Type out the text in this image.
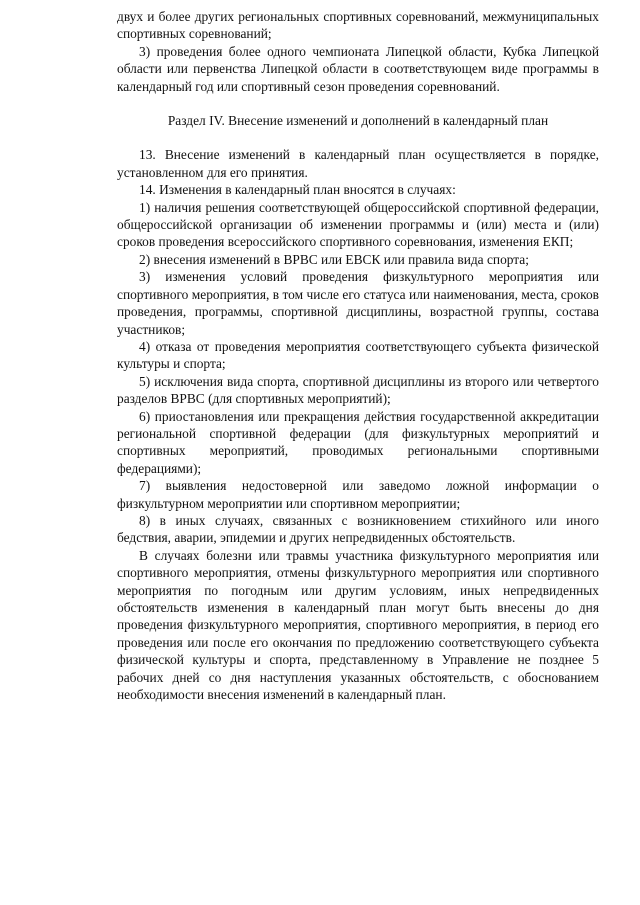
двух и более других региональных спортивных соревнований, межмуниципальных спортивных соревнований;

3) проведения более одного чемпионата Липецкой области, Кубка Липецкой области или первенства Липецкой области в соответствующем виде программы в календарный год или спортивный сезон проведения соревнований.

Раздел IV. Внесение изменений и дополнений в календарный план

13. Внесение изменений в календарный план осуществляется в порядке, установленном для его принятия.

14. Изменения в календарный план вносятся в случаях:

1) наличия решения соответствующей общероссийской спортивной федерации, общероссийской организации об изменении программы и (или) места и (или) сроков проведения всероссийского спортивного соревнования, изменения ЕКП;

2) внесения изменений в ВРВС или ЕВСК или правила вида спорта;

3) изменения условий проведения физкультурного мероприятия или спортивного мероприятия, в том числе его статуса или наименования, места, сроков проведения, программы, спортивной дисциплины, возрастной группы, состава участников;

4) отказа от проведения мероприятия соответствующего субъекта физической культуры и спорта;

5) исключения вида спорта, спортивной дисциплины из второго или четвертого разделов ВРВС (для спортивных мероприятий);

6) приостановления или прекращения действия государственной аккредитации региональной спортивной федерации (для физкультурных мероприятий и спортивных мероприятий, проводимых региональными спортивными федерациями);

7) выявления недостоверной или заведомо ложной информации о физкультурном мероприятии или спортивном мероприятии;

8) в иных случаях, связанных с возникновением стихийного или иного бедствия, аварии, эпидемии и других непредвиденных обстоятельств.

В случаях болезни или травмы участника физкультурного мероприятия или спортивного мероприятия, отмены физкультурного мероприятия или спортивного мероприятия по погодным или другим условиям, иных непредвиденных обстоятельств изменения в календарный план могут быть внесены до дня проведения физкультурного мероприятия, спортивного мероприятия, в период его проведения или после его окончания по предложению соответствующего субъекта физической культуры и спорта, представленному в Управление не позднее 5 рабочих дней со дня наступления указанных обстоятельств, с обоснованием необходимости внесения изменений в календарный план.
